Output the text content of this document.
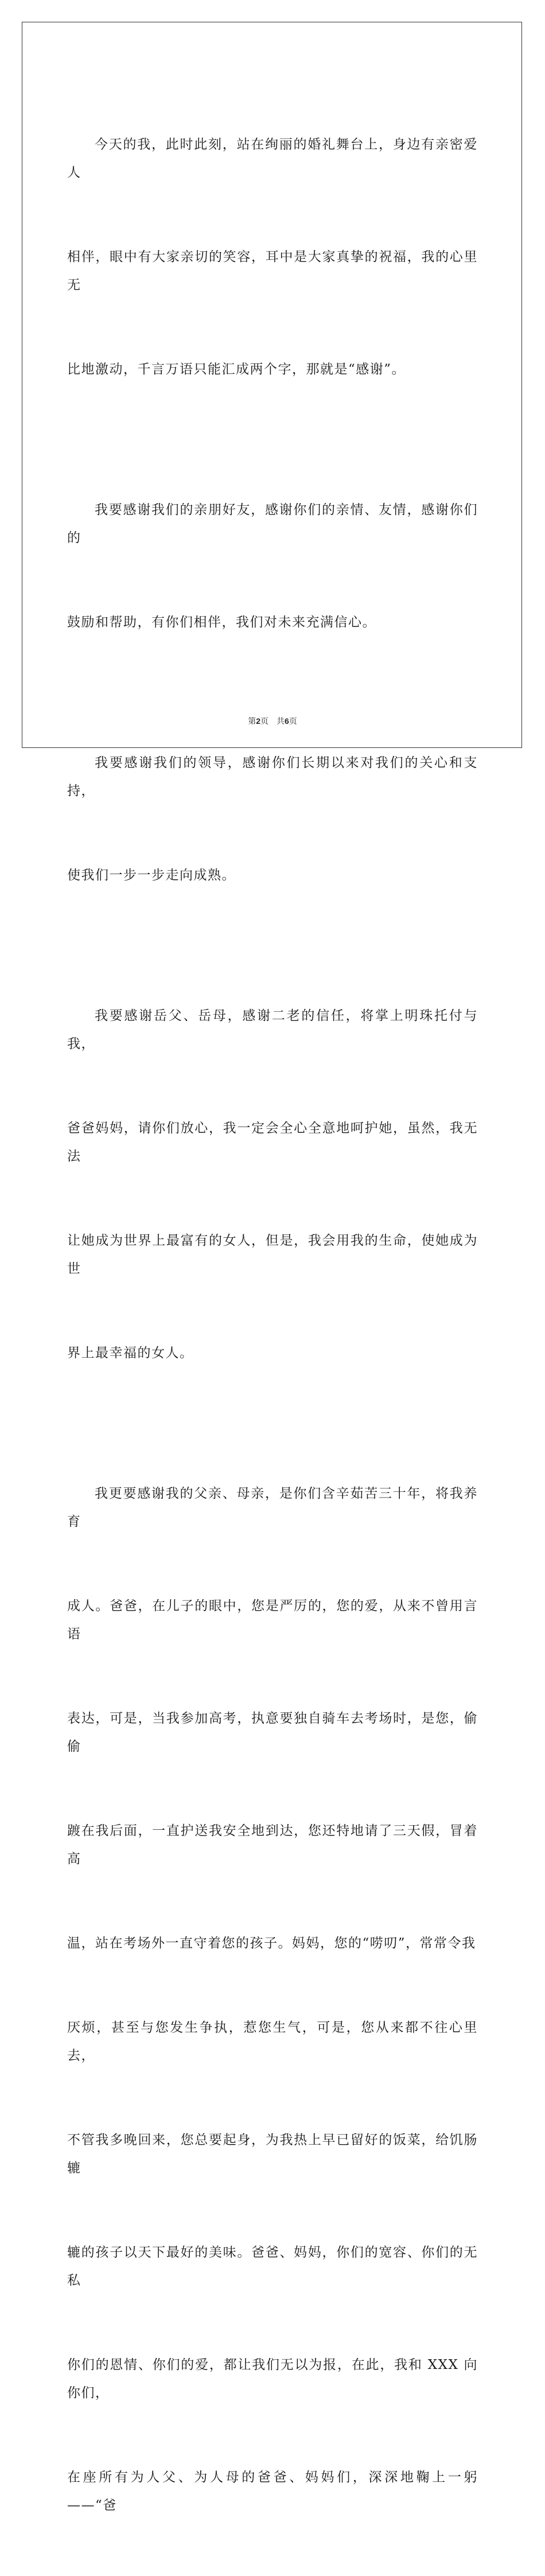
今天的我，此时此刻，站在绚丽的婚礼舞台上，身边有亲密爱人

相伴，眼中有大家亲切的笑容，耳中是大家真挚的祝福，我的心里无

比地激动，千言万语只能汇成两个字，那就是“感谢”。

我要感谢我们的亲朋好友，感谢你们的亲情、友情，感谢你们的

鼓励和帮助，有你们相伴，我们对未来充满信心。

我要感谢我们的领导，感谢你们长期以来对我们的关心和支持，

使我们一步一步走向成熟。

我要感谢岳父、岳母，感谢二老的信任，将掌上明珠托付与我，

爸爸妈妈，请你们放心，我一定会全心全意地呵护她，虽然，我无法

让她成为世界上最富有的女人，但是，我会用我的生命，使她成为世

界上最幸福的女人。

我更要感谢我的父亲、母亲，是你们含辛茹苦三十年，将我养育

成人。爸爸，在儿子的眼中，您是严厉的，您的爱，从来不曾用言语

表达，可是，当我参加高考，执意要独自骑车去考场时，是您，偷偷

踱在我后面，一直护送我安全地到达，您还特地请了三天假，冒着高

温，站在考场外一直守着您的孩子。妈妈，您的“唠叨”，常常令我

厌烦，甚至与您发生争执，惹您生气，可是，您从来都不往心里去，

不管我多晚回来，您总要起身，为我热上早已留好的饭菜，给饥肠辘

辘的孩子以天下最好的美味。爸爸、妈妈，你们的宽容、你们的无私

你们的恩情、你们的爱，都让我们无以为报，在此，我和 XXX 向你们，

在座所有为人父、为人母的爸爸、妈妈们，深深地鞠上一躬——“爸

第2页 共6页
